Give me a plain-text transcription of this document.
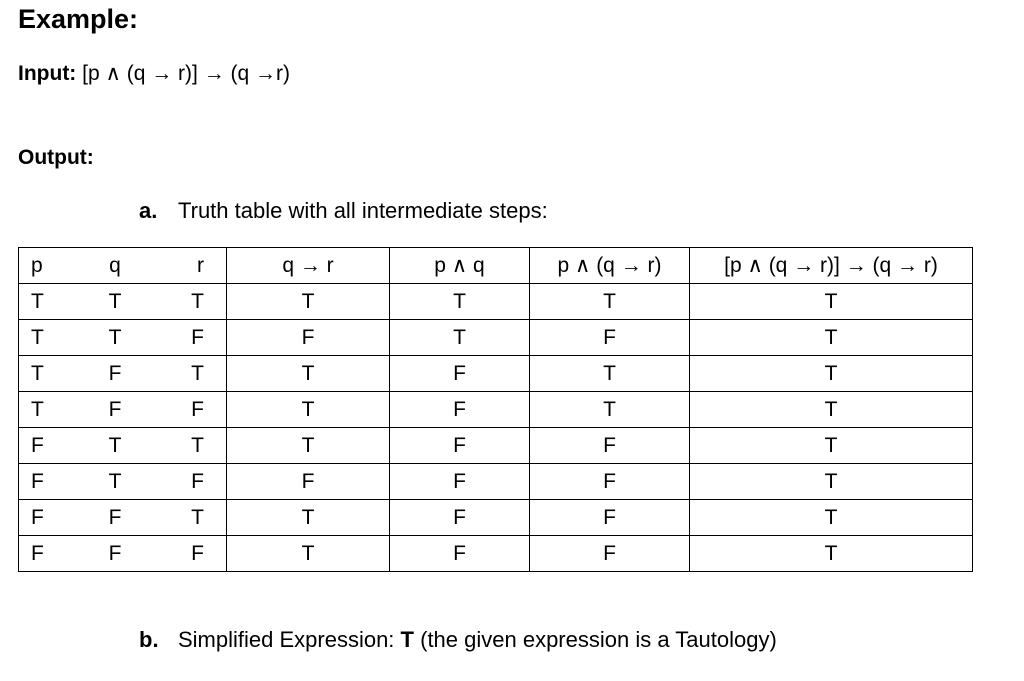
Example:
Input: [p ∧ (q → r)] → (q →r)
Output:
a. Truth table with all intermediate steps:
p	q	r	q → r	p ∧ q	p ∧ (q → r)	[p ∧ (q → r)] → (q → r)
T	T	T	T	T	T	T
T	T	F	F	T	F	T
T	F	T	T	F	T	T
T	F	F	T	F	T	T
F	T	T	T	F	F	T
F	T	F	F	F	F	T
F	F	T	T	F	F	T
F	F	F	T	F	F	T
b. Simplified Expression: T (the given expression is a Tautology)
